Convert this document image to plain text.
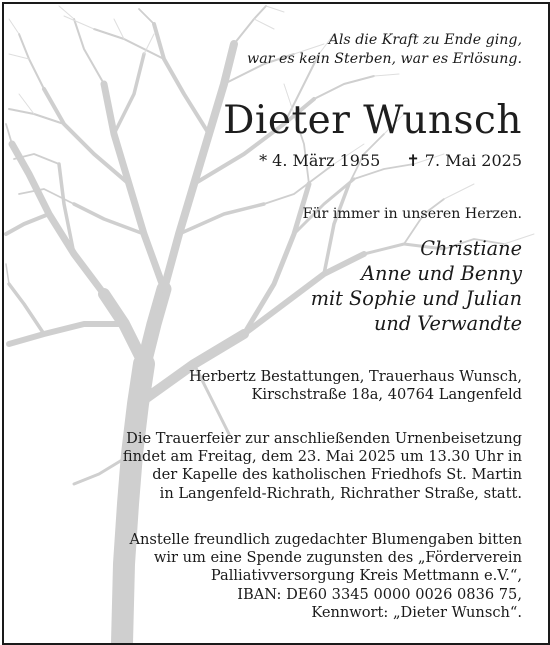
Als die Kraft zu Ende ging,
war es kein Sterben, war es Erlösung.
Dieter Wunsch
* 4. März 1955 ✝ 7. Mai 2025
Für immer in unseren Herzen.
Christiane
Anne und Benny
mit Sophie und Julian
und Verwandte
Herbertz Bestattungen, Trauerhaus Wunsch,
Kirschstraße 18a, 40764 Langenfeld
Die Trauerfeier zur anschließenden Urnenbeisetzung
findet am Freitag, dem 23. Mai 2025 um 13.30 Uhr in
der Kapelle des katholischen Friedhofs St. Martin
in Langenfeld-Richrath, Richrather Straße, statt.
Anstelle freundlich zugedachter Blumengaben bitten
wir um eine Spende zugunsten des „Förderverein
Palliativversorgung Kreis Mettmann e.V.“,
IBAN: DE60 3345 0000 0026 0836 75,
Kennwort: „Dieter Wunsch“.
